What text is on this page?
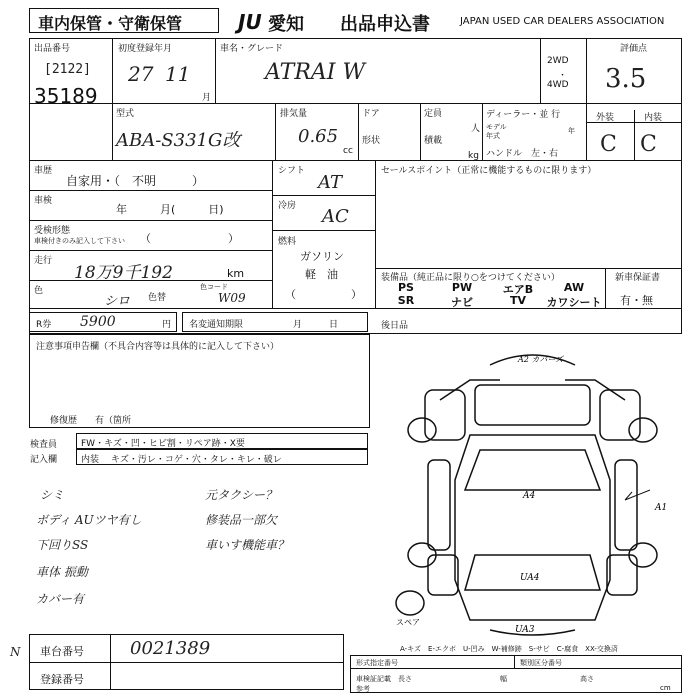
車内保管・守衛保管	JU 愛知 出品申込書	JAPAN USED CAR DEALERS ASSOCIATION
出品番号
[2122]
35189
初度登録年月
27 11
月
車名・グレード
ATRAI W	2WD
・
4WD
評価点
3.5
型式
ABA-S331G改
排気量
0.65
cc
ドア
形状
定員
人
積載
kg
ディーラー・並 行
モデル	年
年式
ハンドル　左・右
外装	内装
C C
車歴
自家用・（　不明　　　）
車検
年　　　月(　　　日)
受検形態
車検付きのみ記入して下さい （　　　　　　　）
走行
18万9千192	km
色
シロ 色替
色コード
W09
シフト
AT
冷房 AC
燃料
ガソリン
軽　油
（　　　　　）
セールスポイント（正常に機能するものに限ります）
装備品（純正品に限り○をつけてください）	新車保証書
有・無
PS	PW	エアB	AW
SR	ナビ	TV	カワシート
R券 5900	円 名変通知期限	月　　　日	後日品
注意事項申告欄（不具合内容等は具体的に記入して下さい）
修復歴　　有（箇所
検査員
記入欄
FW・キズ・凹・ヒビ割・リペア跡・X要
内装 キズ・汚レ・コゲ・穴・タレ・キレ・破レ
シミ
ボディ AUツヤ有し
下回りSS
車体 振動
カバー有
元タクシー？
修装品一部欠
車いす機能車？
A2 カバーズ
A4
A1
UA4
UA3
スペア
車台番号	0021389
登録番号
N	A-キズ　E-エクボ　U-凹み　W-補修跡　S-サビ　C-腐食　XX-交換済
形式指定番号	類別区分番号
車検証記載 長さ	幅	高さ
参考	cm
